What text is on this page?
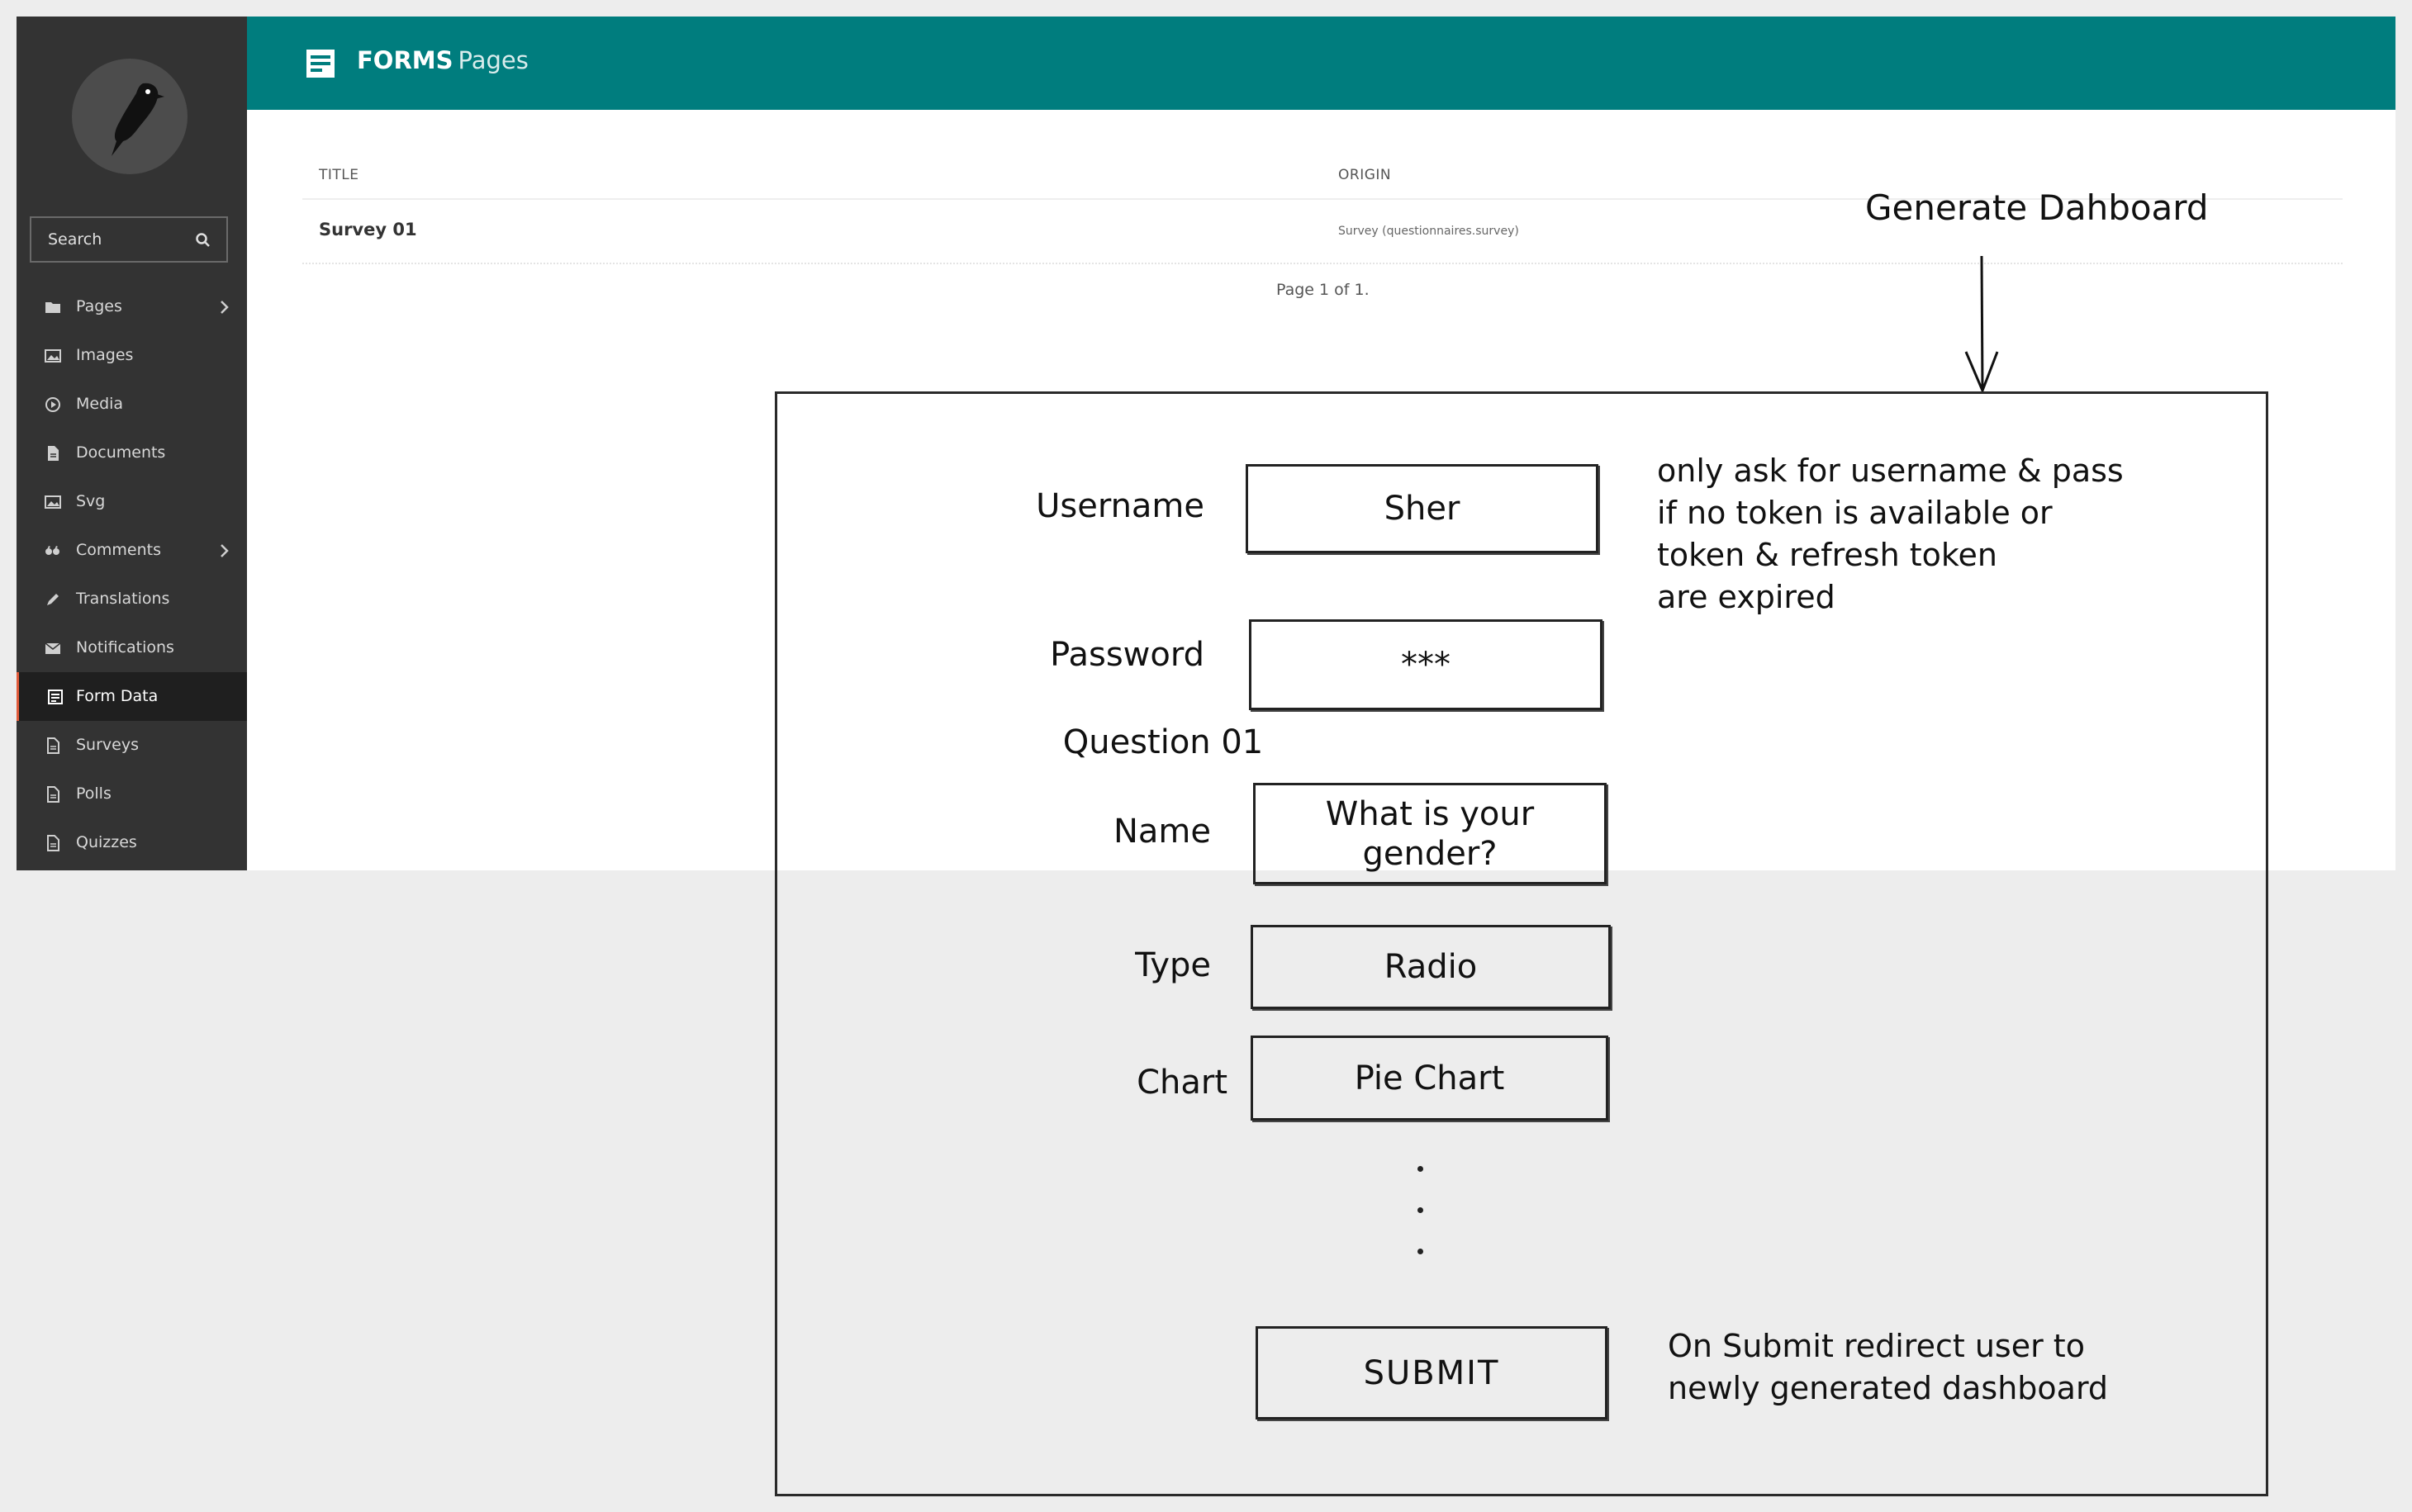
Search
Pages
Images
Media
Documents
Svg
Comments
Translations
Notifications
Form Data
Surveys
Polls
Quizzes
FORMS Pages
TITLE	ORIGIN
Survey 01	Survey (questionnaires.survey)
Page 1 of 1.
Generate Dahboard
Username	Sher
Password	***
Question 01
Name	What is your
gender?
Type	Radio
Chart	Pie Chart
SUBMIT
only ask for username & pass
if no token is available or
token & refresh token
are expired
On Submit redirect user to
newly generated dashboard
